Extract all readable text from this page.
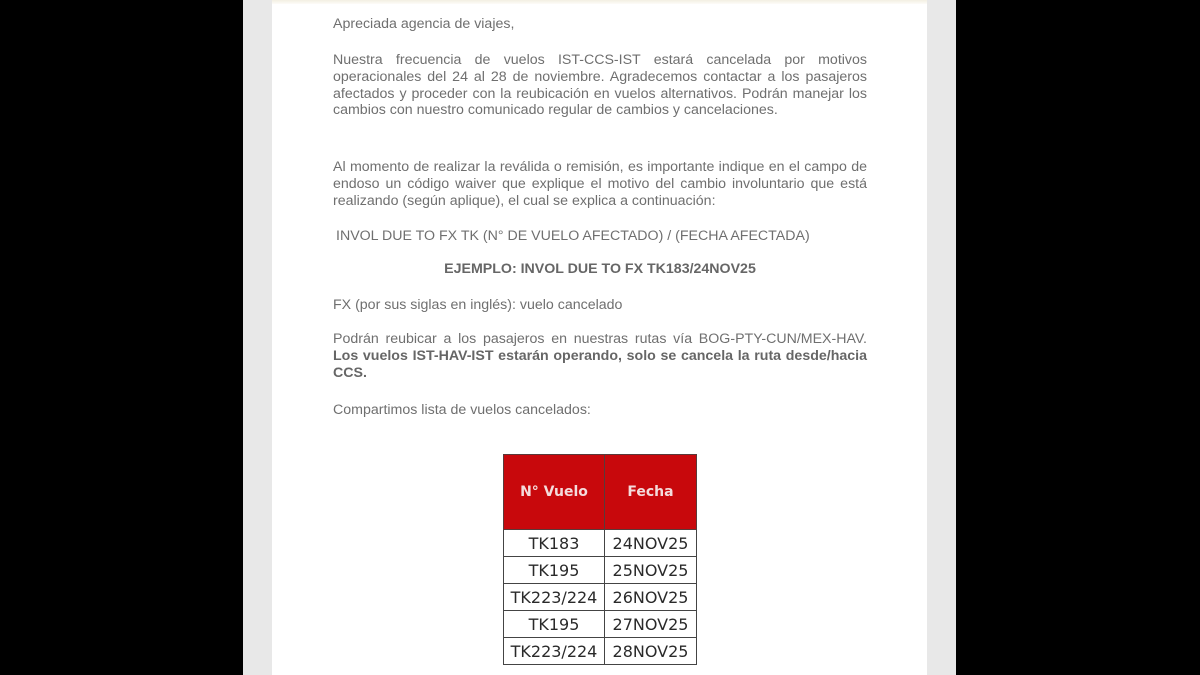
Apreciada agencia de viajes,

Nuestra frecuencia de vuelos IST-CCS-IST estará cancelada por motivos operacionales del 24 al 28 de noviembre. Agradecemos contactar a los pasajeros afectados y proceder con la reubicación en vuelos alternativos. Podrán manejar los cambios con nuestro comunicado regular de cambios y cancelaciones.

Al momento de realizar la reválida o remisión, es importante indique en el campo de endoso un código waiver que explique el motivo del cambio involuntario que está realizando (según aplique), el cual se explica a continuación:

INVOL DUE TO FX TK (N° DE VUELO AFECTADO) / (FECHA AFECTADA)

EJEMPLO: INVOL DUE TO FX TK183/24NOV25

FX (por sus siglas en inglés): vuelo cancelado

Podrán reubicar a los pasajeros en nuestras rutas vía BOG-PTY-CUN/MEX-HAV. Los vuelos IST-HAV-IST estarán operando, solo se cancela la ruta desde/hacia CCS.

Compartimos lista de vuelos cancelados:

N° Vuelo	Fecha
TK183	24NOV25
TK195	25NOV25
TK223/224	26NOV25
TK195	27NOV25
TK223/224	28NOV25
